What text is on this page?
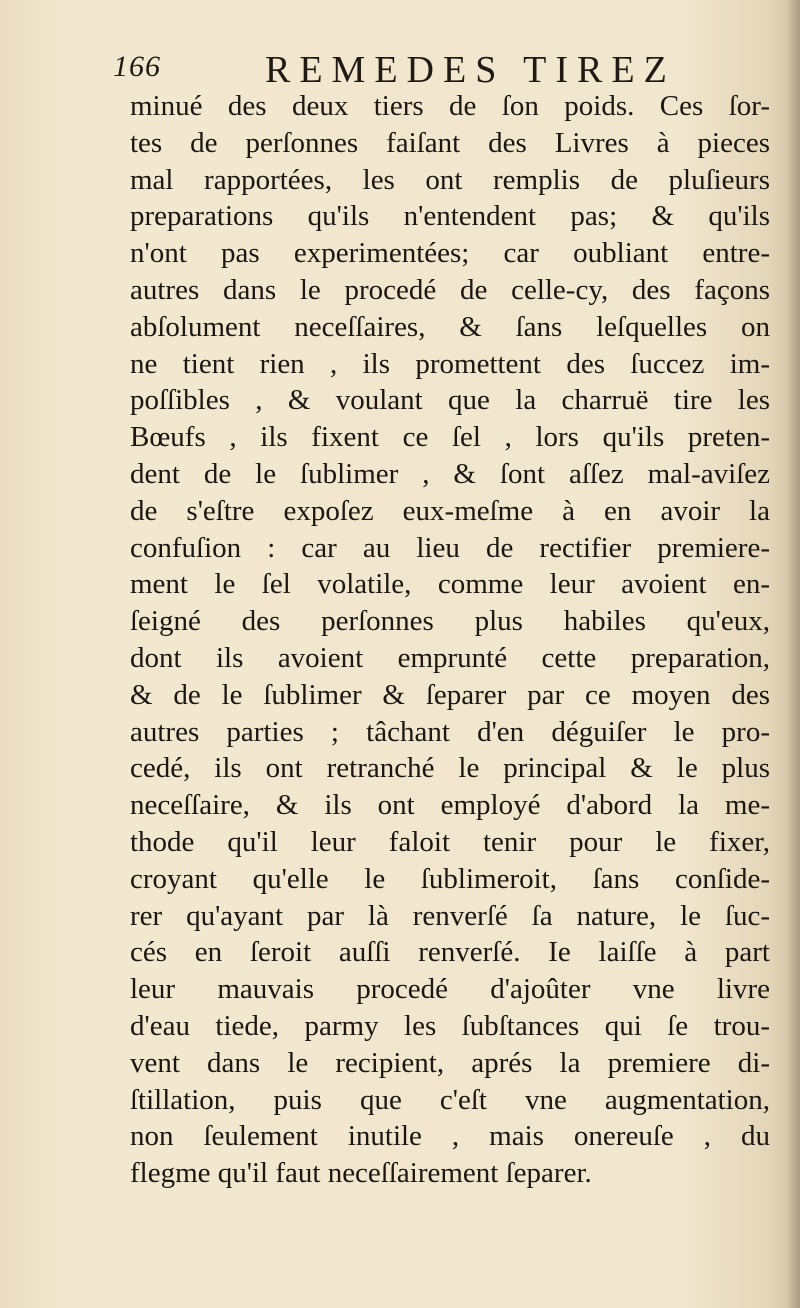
166	REMEDES TIREZ
minué des deux tiers de ſon poids. Ces ſor-
tes de perſonnes faiſant des Livres à pieces
mal rapportées, les ont remplis de pluſieurs
preparations qu'ils n'entendent pas; & qu'ils
n'ont pas experimentées; car oubliant entre-
autres dans le procedé de celle-cy, des façons
abſolument neceſſaires, & ſans leſquelles on
ne tient rien , ils promettent des ſuccez im-
poſſibles , & voulant que la charruë tire les
Bœufs , ils fixent ce ſel , lors qu'ils preten-
dent de le ſublimer , & ſont aſſez mal-aviſez
de s'eſtre expoſez eux-meſme à en avoir la
confuſion : car au lieu de rectifier premiere-
ment le ſel volatile, comme leur avoient en-
ſeigné des perſonnes plus habiles qu'eux,
dont ils avoient emprunté cette preparation,
& de le ſublimer & ſeparer par ce moyen des
autres parties ; tâchant d'en déguiſer le pro-
cedé, ils ont retranché le principal & le plus
neceſſaire, & ils ont employé d'abord la me-
thode qu'il leur faloit tenir pour le fixer,
croyant qu'elle le ſublimeroit, ſans conſide-
rer qu'ayant par là renverſé ſa nature, le ſuc-
cés en ſeroit auſſi renverſé. Ie laiſſe à part
leur mauvais procedé d'ajoûter vne livre
d'eau tiede, parmy les ſubſtances qui ſe trou-
vent dans le recipient, aprés la premiere di-
ſtillation, puis que c'eſt vne augmentation,
non ſeulement inutile , mais onereuſe , du
flegme qu'il faut neceſſairement ſeparer.
